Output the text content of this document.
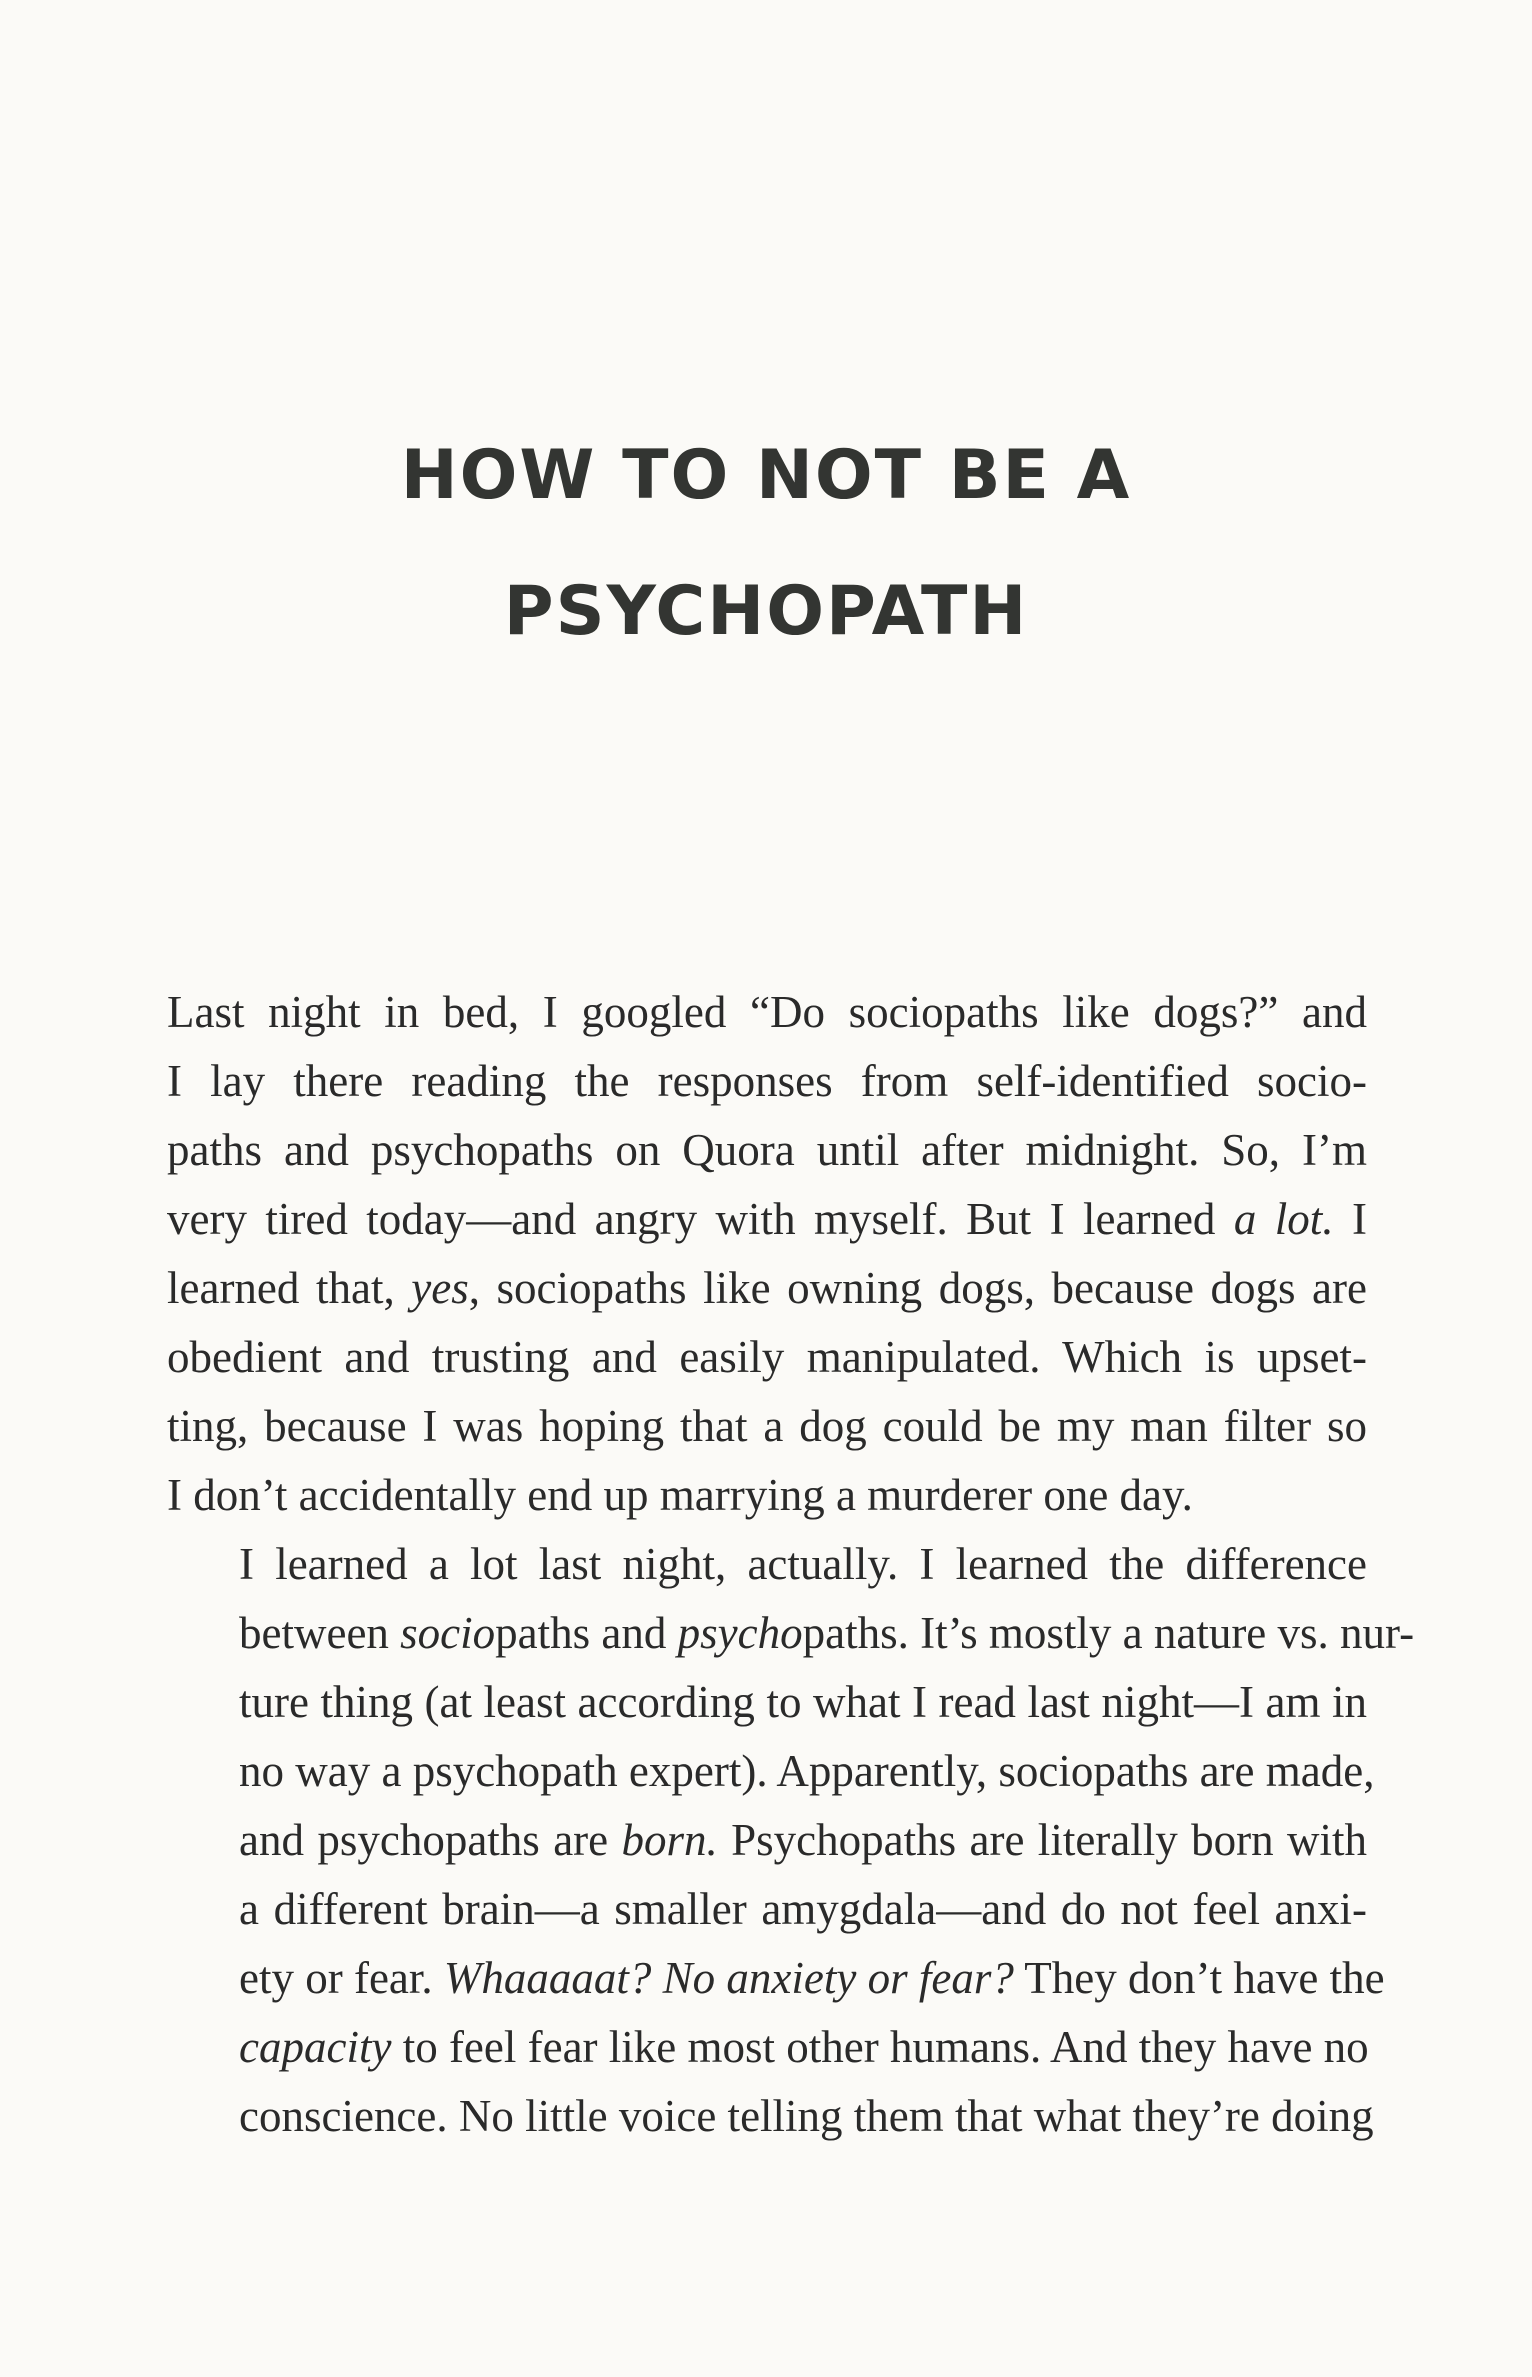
HOW TO NOT BE A
PSYCHOPATH

Last night in bed, I googled “Do sociopaths like dogs?” and
I lay there reading the responses from self-identified socio-
paths and psychopaths on Quora until after midnight. So, I’m
very tired today—and angry with myself. But I learned a lot. I
learned that, yes, sociopaths like owning dogs, because dogs are
obedient and trusting and easily manipulated. Which is upset-
ting, because I was hoping that a dog could be my man filter so
I don’t accidentally end up marrying a murderer one day.

I learned a lot last night, actually. I learned the difference
between sociopaths and psychopaths. It’s mostly a nature vs. nur-
ture thing (at least according to what I read last night—I am in
no way a psychopath expert). Apparently, sociopaths are made,
and psychopaths are born. Psychopaths are literally born with
a different brain—a smaller amygdala—and do not feel anxi-
ety or fear. Whaaaaat? No anxiety or fear? They don’t have the
capacity to feel fear like most other humans. And they have no
conscience. No little voice telling them that what they’re doing
